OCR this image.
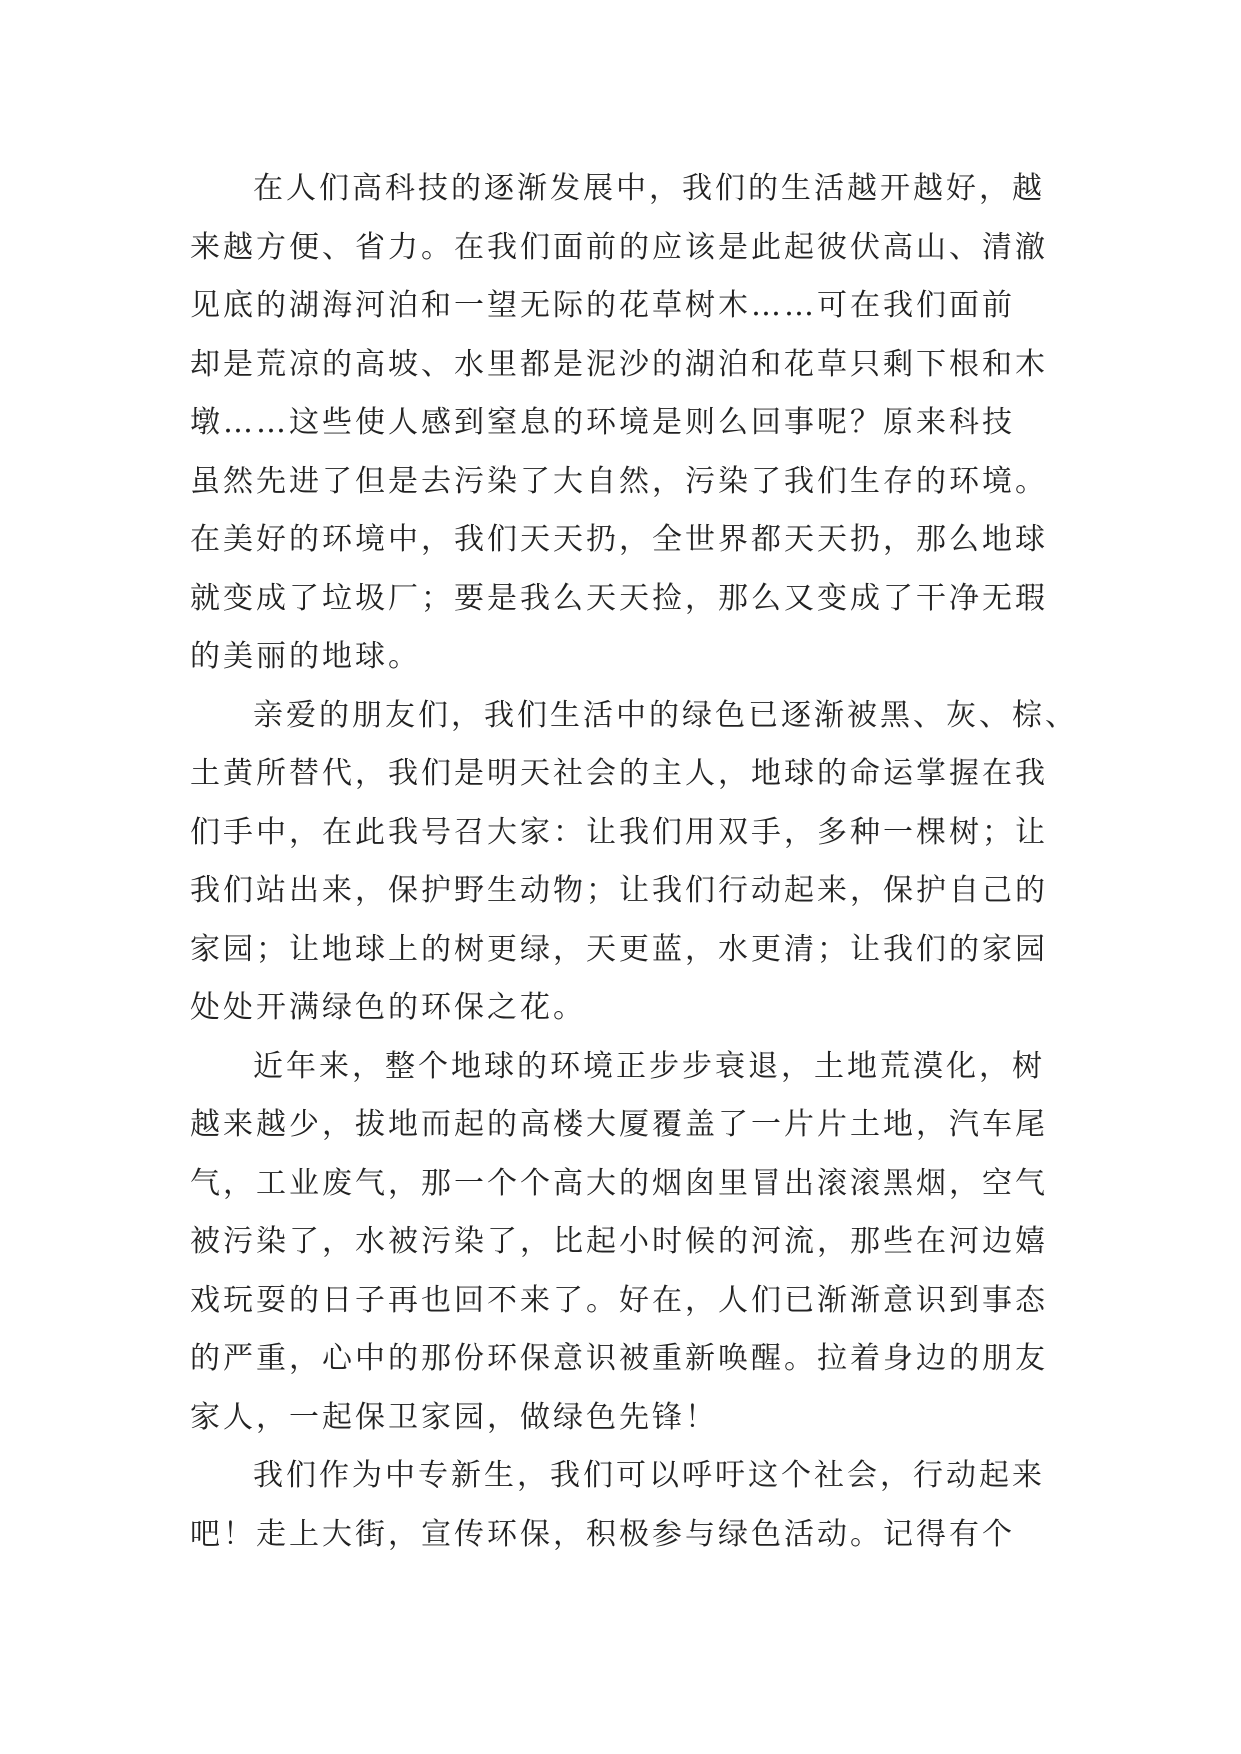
在人们高科技的逐渐发展中，我们的生活越开越好，越
来越方便、省力。在我们面前的应该是此起彼伏高山、清澈
见底的湖海河泊和一望无际的花草树木……可在我们面前
却是荒凉的高坡、水里都是泥沙的湖泊和花草只剩下根和木
墩……这些使人感到窒息的环境是则么回事呢？原来科技
虽然先进了但是去污染了大自然，污染了我们生存的环境。
在美好的环境中，我们天天扔，全世界都天天扔，那么地球
就变成了垃圾厂；要是我么天天捡，那么又变成了干净无瑕
的美丽的地球。
亲爱的朋友们，我们生活中的绿色已逐渐被黑、灰、棕、
土黄所替代，我们是明天社会的主人，地球的命运掌握在我
们手中，在此我号召大家：让我们用双手，多种一棵树；让
我们站出来，保护野生动物；让我们行动起来，保护自己的
家园；让地球上的树更绿，天更蓝，水更清；让我们的家园
处处开满绿色的环保之花。
近年来，整个地球的环境正步步衰退，土地荒漠化，树
越来越少，拔地而起的高楼大厦覆盖了一片片土地，汽车尾
气，工业废气，那一个个高大的烟囱里冒出滚滚黑烟，空气
被污染了，水被污染了，比起小时候的河流，那些在河边嬉
戏玩耍的日子再也回不来了。好在，人们已渐渐意识到事态
的严重，心中的那份环保意识被重新唤醒。拉着身边的朋友
家人，一起保卫家园，做绿色先锋！
我们作为中专新生，我们可以呼吁这个社会，行动起来
吧！走上大街，宣传环保，积极参与绿色活动。记得有个
